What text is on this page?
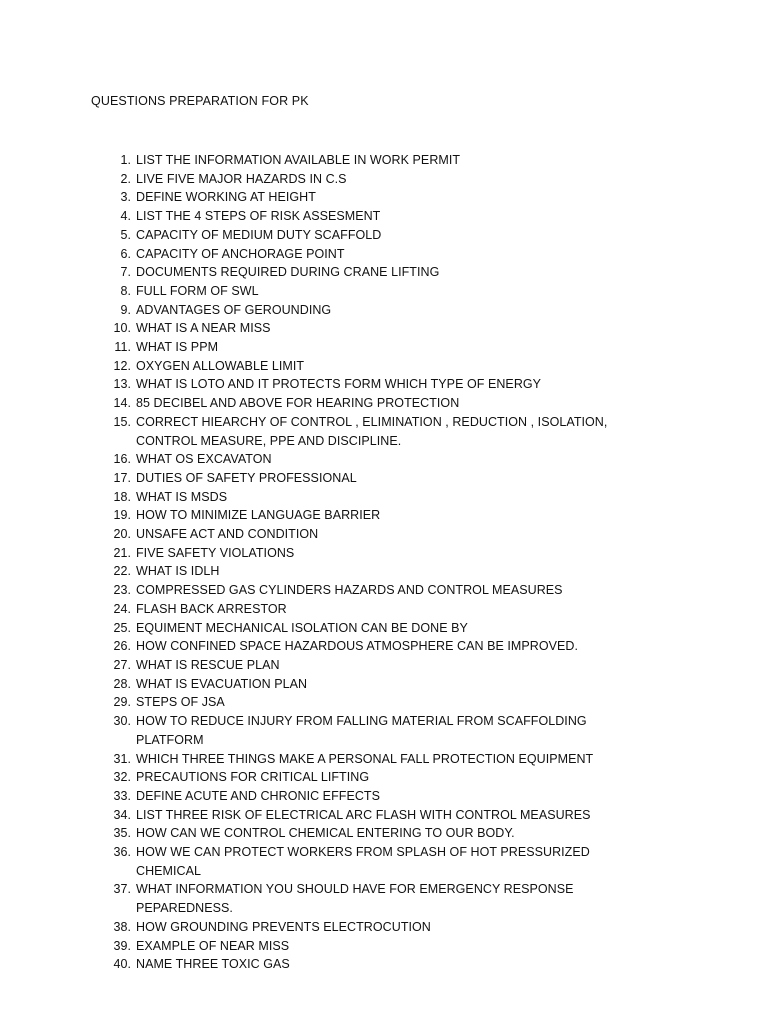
QUESTIONS PREPARATION FOR PK
1. LIST THE INFORMATION AVAILABLE IN WORK PERMIT
2. LIVE FIVE MAJOR HAZARDS IN C.S
3. DEFINE WORKING AT HEIGHT
4. LIST THE 4 STEPS OF RISK ASSESMENT
5. CAPACITY OF MEDIUM DUTY SCAFFOLD
6. CAPACITY OF ANCHORAGE POINT
7. DOCUMENTS REQUIRED DURING CRANE LIFTING
8. FULL FORM OF SWL
9. ADVANTAGES OF GEROUNDING
10. WHAT IS A NEAR MISS
11. WHAT IS PPM
12. OXYGEN ALLOWABLE LIMIT
13. WHAT IS LOTO AND IT PROTECTS FORM WHICH TYPE OF ENERGY
14. 85 DECIBEL AND ABOVE FOR HEARING PROTECTION
15. CORRECT HIEARCHY OF CONTROL , ELIMINATION , REDUCTION , ISOLATION, CONTROL MEASURE, PPE AND DISCIPLINE.
16. WHAT OS EXCAVATON
17. DUTIES OF SAFETY PROFESSIONAL
18. WHAT IS MSDS
19. HOW TO MINIMIZE LANGUAGE BARRIER
20. UNSAFE ACT AND CONDITION
21. FIVE SAFETY VIOLATIONS
22. WHAT IS IDLH
23. COMPRESSED GAS CYLINDERS HAZARDS AND CONTROL MEASURES
24. FLASH BACK ARRESTOR
25. EQUIMENT MECHANICAL ISOLATION CAN BE DONE BY
26. HOW CONFINED SPACE HAZARDOUS ATMOSPHERE CAN BE IMPROVED.
27. WHAT IS RESCUE PLAN
28. WHAT IS EVACUATION PLAN
29. STEPS OF JSA
30. HOW TO REDUCE INJURY FROM FALLING MATERIAL FROM SCAFFOLDING PLATFORM
31. WHICH THREE THINGS MAKE A PERSONAL FALL PROTECTION EQUIPMENT
32. PRECAUTIONS FOR CRITICAL LIFTING
33. DEFINE ACUTE AND CHRONIC EFFECTS
34. LIST THREE RISK OF ELECTRICAL ARC FLASH WITH CONTROL MEASURES
35. HOW CAN WE CONTROL CHEMICAL ENTERING TO OUR BODY.
36. HOW WE CAN PROTECT WORKERS FROM SPLASH OF HOT PRESSURIZED CHEMICAL
37. WHAT INFORMATION YOU SHOULD HAVE FOR EMERGENCY RESPONSE PEPAREDNESS.
38. HOW GROUNDING PREVENTS ELECTROCUTION
39. EXAMPLE OF NEAR MISS
40. NAME THREE TOXIC GAS
